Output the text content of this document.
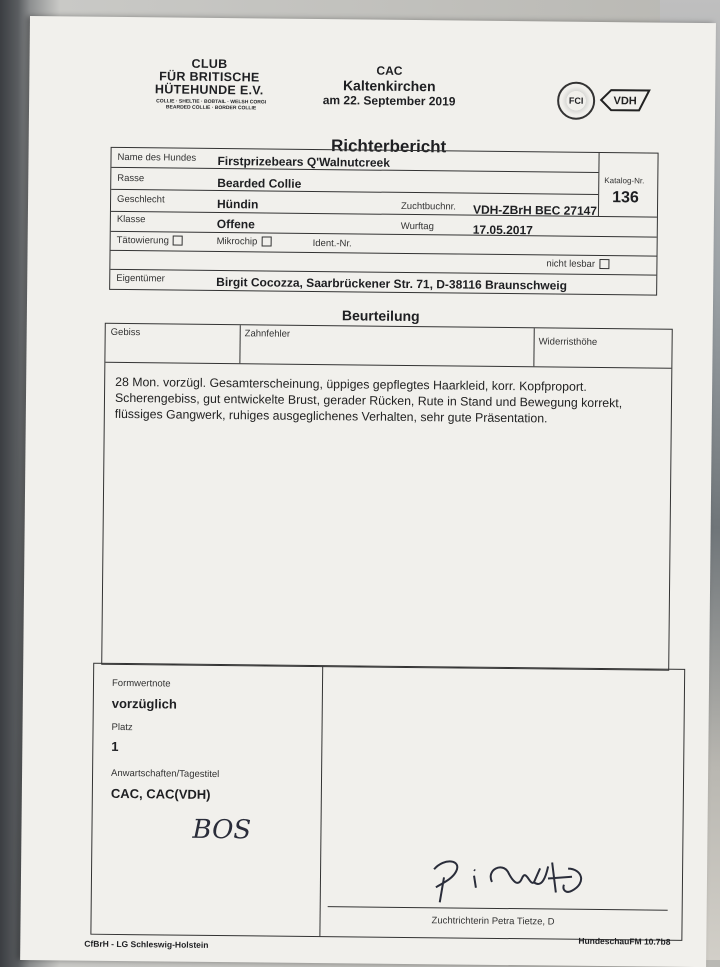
CLUB
FÜR BRITISCHE
HÜTEHUNDE E.V.
COLLIE · SHELTIE · BOBTAIL · WELSH CORGI
BEARDED COLLIE · BORDER COLLIE
CAC
Kaltenkirchen
am 22. September 2019	FCI	VDH
Richterbericht
Name des Hundes Firstprizebears Q'Walnutcreek
Katalog-Nr.
136
Rasse	Bearded Collie
Geschlecht	Hündin	Zuchtbuchnr. VDH-ZBrH BEC 27147
Klasse	Offene	Wurftag	17.05.2017
Tätowierung	Mikrochip	Ident.-Nr.
nicht lesbar
Eigentümer	Birgit Cocozza, Saarbrückener Str. 71, D-38116 Braunschweig
Beurteilung
Gebiss	Zahnfehler
Widerristhöhe
28 Mon. vorzügl. Gesamterscheinung, üppiges gepflegtes Haarkleid, korr. Kopfproport. Scherengebiss, gut entwickelte Brust, gerader Rücken, Rute in Stand und Bewegung korrekt, flüssiges Gangwerk, ruhiges ausgeglichenes Verhalten, sehr gute Präsentation.
Formwertnote
vorzüglich
Platz
1
Anwartschaften/Tagestitel
CAC, CAC(VDH)
BOS
Zuchtrichterin Petra Tietze, D
CfBrH - LG Schleswig-Holstein	HundeschauFM 10.7b8
